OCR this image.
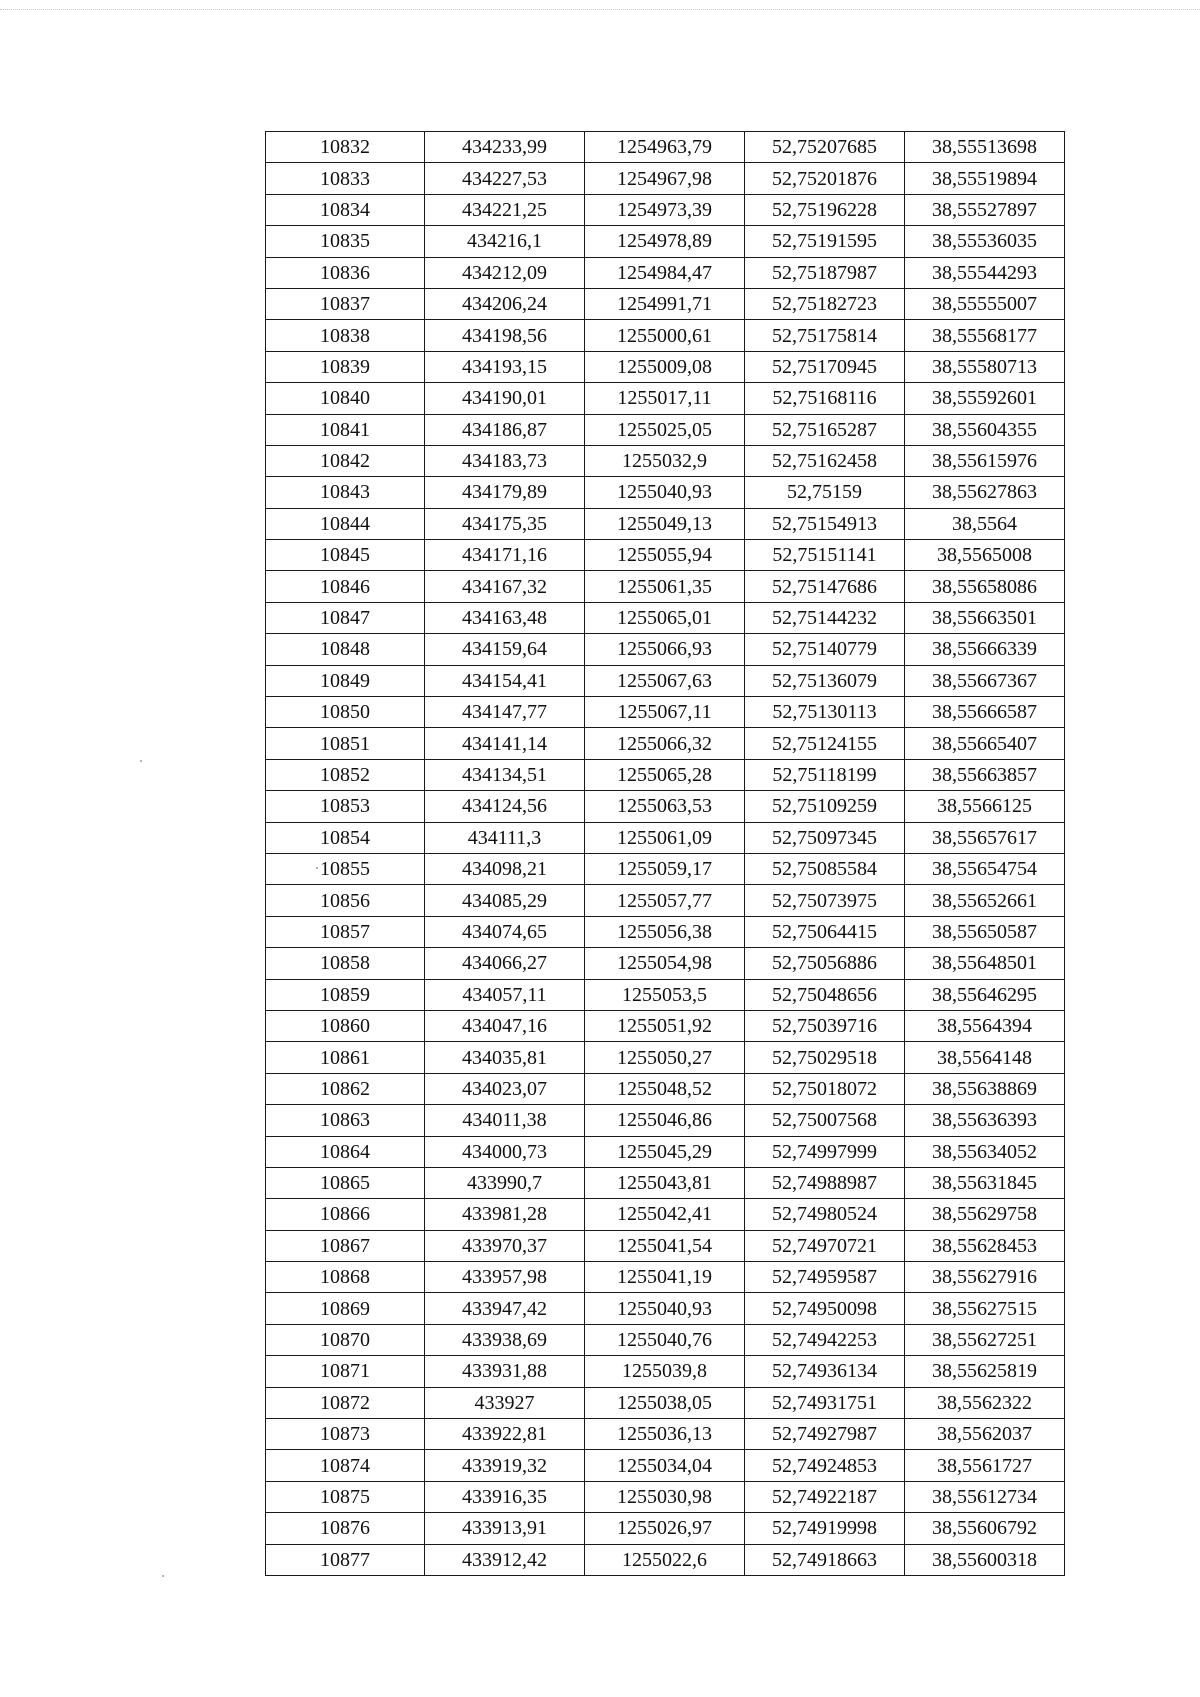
10832	434233,99	1254963,79	52,75207685	38,55513698
10833	434227,53	1254967,98	52,75201876	38,55519894
10834	434221,25	1254973,39	52,75196228	38,55527897
10835	434216,1	1254978,89	52,75191595	38,55536035
10836	434212,09	1254984,47	52,75187987	38,55544293
10837	434206,24	1254991,71	52,75182723	38,55555007
10838	434198,56	1255000,61	52,75175814	38,55568177
10839	434193,15	1255009,08	52,75170945	38,55580713
10840	434190,01	1255017,11	52,75168116	38,55592601
10841	434186,87	1255025,05	52,75165287	38,55604355
10842	434183,73	1255032,9	52,75162458	38,55615976
10843	434179,89	1255040,93	52,75159	38,55627863
10844	434175,35	1255049,13	52,75154913	38,5564
10845	434171,16	1255055,94	52,75151141	38,5565008
10846	434167,32	1255061,35	52,75147686	38,55658086
10847	434163,48	1255065,01	52,75144232	38,55663501
10848	434159,64	1255066,93	52,75140779	38,55666339
10849	434154,41	1255067,63	52,75136079	38,55667367
10850	434147,77	1255067,11	52,75130113	38,55666587
10851	434141,14	1255066,32	52,75124155	38,55665407
10852	434134,51	1255065,28	52,75118199	38,55663857
10853	434124,56	1255063,53	52,75109259	38,5566125
10854	434111,3	1255061,09	52,75097345	38,55657617
10855	434098,21	1255059,17	52,75085584	38,55654754
10856	434085,29	1255057,77	52,75073975	38,55652661
10857	434074,65	1255056,38	52,75064415	38,55650587
10858	434066,27	1255054,98	52,75056886	38,55648501
10859	434057,11	1255053,5	52,75048656	38,55646295
10860	434047,16	1255051,92	52,75039716	38,5564394
10861	434035,81	1255050,27	52,75029518	38,5564148
10862	434023,07	1255048,52	52,75018072	38,55638869
10863	434011,38	1255046,86	52,75007568	38,55636393
10864	434000,73	1255045,29	52,74997999	38,55634052
10865	433990,7	1255043,81	52,74988987	38,55631845
10866	433981,28	1255042,41	52,74980524	38,55629758
10867	433970,37	1255041,54	52,74970721	38,55628453
10868	433957,98	1255041,19	52,74959587	38,55627916
10869	433947,42	1255040,93	52,74950098	38,55627515
10870	433938,69	1255040,76	52,74942253	38,55627251
10871	433931,88	1255039,8	52,74936134	38,55625819
10872	433927	1255038,05	52,74931751	38,5562322
10873	433922,81	1255036,13	52,74927987	38,5562037
10874	433919,32	1255034,04	52,74924853	38,5561727
10875	433916,35	1255030,98	52,74922187	38,55612734
10876	433913,91	1255026,97	52,74919998	38,55606792
10877	433912,42	1255022,6	52,74918663	38,55600318
